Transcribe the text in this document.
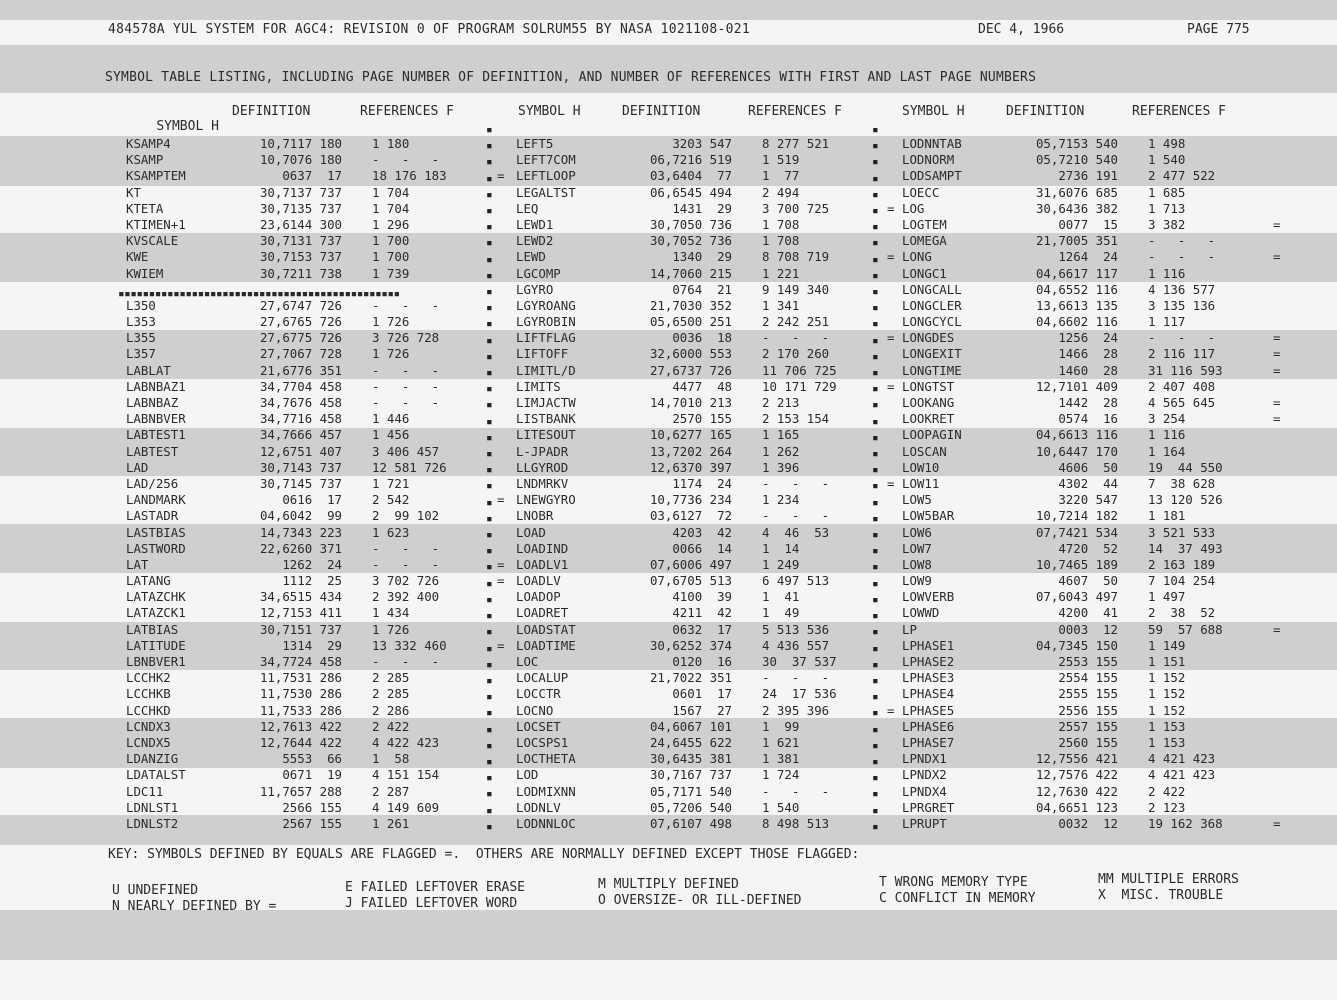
484578A YUL SYSTEM FOR AGC4: REVISION 0 OF PROGRAM SOLRUM55 BY NASA 1021108-021	DEC 4, 1966	PAGE 775
SYMBOL TABLE LISTING, INCLUDING PAGE NUMBER OF DEFINITION, AND NUMBER OF REFERENCES WITH FIRST AND LAST PAGE NUMBERS

SYMBOL H

DEFINITION	REFERENCES F	SYMBOL H	DEFINITION	REFERENCES F	SYMBOL H	DEFINITION	REFERENCES F
▪▪▪▪▪▪▪▪▪▪▪▪▪▪▪▪▪▪▪▪▪▪▪▪▪▪▪▪▪▪▪▪▪▪▪▪▪▪▪▪▪▪▪▪▪▪
KSAMP4	10,7117 180 1 180
KSAMP	10,7076 180 -   -   -
KSAMPTEM	0637  17 18 176 183	=
KT	30,7137 737 1 704
KTETA	30,7135 737 1 704
KTIMEN+1	23,6144 300 1 296
KVSCALE	30,7131 737 1 700
KWE	30,7153 737 1 700
KWIEM	30,7211 738 1 739
L350	27,6747 726 -   -   -
L353	27,6765 726 1 726
L355	27,6775 726 3 726 728
L357	27,7067 728 1 726
LABLAT	21,6776 351 -   -   -
LABNBAZ1	34,7704 458 -   -   -
LABNBAZ	34,7676 458 -   -   -
LABNBVER	34,7716 458 1 446
LABTEST1	34,7666 457 1 456
LABTEST	12,6751 407 3 406 457
LAD	30,7143 737 12 581 726
LAD/256	30,7145 737 1 721
LANDMARK	0616  17 2 542	=
LASTADR	04,6042  99 2  99 102
LASTBIAS	14,7343 223 1 623
LASTWORD	22,6260 371 -   -   -
LAT	1262  24 -   -   -	=
LATANG	1112  25 3 702 726	=
LATAZCHK	34,6515 434 2 392 400
LATAZCK1	12,7153 411 1 434
LATBIAS	30,7151 737 1 726
LATITUDE	1314  29 13 332 460	=
LBNBVER1	34,7724 458 -   -   -
LCCHK2	11,7531 286 2 285
LCCHKB	11,7530 286 2 285
LCCHKD	11,7533 286 2 286
LCNDX3	12,7613 422 2 422
LCNDX5	12,7644 422 4 422 423
LDANZIG	5553  66 1  58
LDATALST	0671  19 4 151 154
LDC11	11,7657 288 2 287
LDNLST1	2566 155 4 149 609
LDNLST2	2567 155 1 261
LEFT5	3203 547 8 277 521
LEFT7COM	06,7216 519 1 519
LEFTLOOP	03,6404  77 1  77
LEGALTST	06,6545 494 2 494
LEQ	1431  29 3 700 725	=
LEWD1	30,7050 736 1 708
LEWD2	30,7052 736 1 708
LEWD	1340  29 8 708 719	=
LGCOMP	14,7060 215 1 221
LGYRO	0764  21 9 149 340
LGYROANG	21,7030 352 1 341
LGYROBIN	05,6500 251 2 242 251
LIFTFLAG	0036  18 -   -   -	=
LIFTOFF	32,6000 553 2 170 260
LIMITL/D	27,6737 726 11 706 725
LIMITS	4477  48 10 171 729	=
LIMJACTW	14,7010 213 2 213
LISTBANK	2570 155 2 153 154
LITESOUT	10,6277 165 1 165
L-JPADR	13,7202 264 1 262
LLGYROD	12,6370 397 1 396
LNDMRKV	1174  24 -   -   -	=
LNEWGYRO	10,7736 234 1 234
LNOBR	03,6127  72 -   -   -
LOAD	4203  42 4  46  53
LOADIND	0066  14 1  14
LOADLV1	07,6006 497 1 249
LOADLV	07,6705 513 6 497 513
LOADOP	4100  39 1  41
LOADRET	4211  42 1  49
LOADSTAT	0632  17 5 513 536
LOADTIME	30,6252 374 4 436 557
LOC	0120  16 30  37 537
LOCALUP	21,7022 351 -   -   -
LOCCTR	0601  17 24  17 536
LOCNO	1567  27 2 395 396	=
LOCSET	04,6067 101 1  99
LOCSPS1	24,6455 622 1 621
LOCTHETA	30,6435 381 1 381
LOD	30,7167 737 1 724
LODMIXNN	05,7171 540 -   -   -
LODNLV	05,7206 540 1 540
LODNNLOC	07,6107 498 8 498 513
LODNNTAB	05,7153 540 1 498
LODNORM	05,7210 540 1 540
LODSAMPT	2736 191 2 477 522
LOECC	31,6076 685 1 685
LOG	30,6436 382 1 713
LOGTEM	0077  15 3 382	=
LOMEGA	21,7005 351 -   -   -
LONG	1264  24 -   -   -	=
LONGC1	04,6617 117 1 116
LONGCALL	04,6552 116 4 136 577
LONGCLER	13,6613 135 3 135 136
LONGCYCL	04,6602 116 1 117
LONGDES	1256  24 -   -   -	=
LONGEXIT	1466  28 2 116 117	=
LONGTIME	1460  28 31 116 593	=
LONGTST	12,7101 409 2 407 408
LOOKANG	1442  28 4 565 645	=
LOOKRET	0574  16 3 254	=
LOOPAGIN	04,6613 116 1 116
LOSCAN	10,6447 170 1 164
LOW10	4606  50 19  44 550
LOW11	4302  44 7  38 628
LOW5	3220 547 13 120 526
LOW5BAR	10,7214 182 1 181
LOW6	07,7421 534 3 521 533
LOW7	4720  52 14  37 493
LOW8	10,7465 189 2 163 189
LOW9	4607  50 7 104 254
LOWVERB	07,6043 497 1 497
LOWWD	4200  41 2  38  52
LP	0003  12 59  57 688	=
LPHASE1	04,7345 150 1 149
LPHASE2	2553 155 1 151
LPHASE3	2554 155 1 152
LPHASE4	2555 155 1 152
LPHASE5	2556 155 1 152
LPHASE6	2557 155 1 153
LPHASE7	2560 155 1 153
LPNDX1	12,7556 421 4 421 423
LPNDX2	12,7576 422 4 421 423
LPNDX4	12,7630 422 2 422
LPRGRET	04,6651 123 2 123
LPRUPT	0032  12 19 162 368	=
▪
▪
▪
▪
▪
▪
▪
▪
▪
▪
▪
▪
▪
▪
▪
▪
▪
▪
▪
▪
▪
▪
▪
▪
▪
▪
▪
▪
▪
▪
▪
▪
▪
▪
▪
▪
▪
▪
▪
▪
▪
▪
▪
▪
▪
▪
▪
▪
▪
▪
▪
▪
▪
▪
▪
▪
▪
▪
▪
▪
▪
▪
▪
▪
▪
▪
▪
▪
▪
▪
▪
▪
▪
▪
▪
▪
▪
▪
▪
▪
▪
▪
▪
▪
▪
▪
▪
▪
KEY: SYMBOLS DEFINED BY EQUALS ARE FLAGGED =.  OTHERS ARE NORMALLY DEFINED EXCEPT THOSE FLAGGED:
U UNDEFINED
N NEARLY DEFINED BY =
E FAILED LEFTOVER ERASE
J FAILED LEFTOVER WORD
M MULTIPLY DEFINED
O OVERSIZE- OR ILL-DEFINED
T WRONG MEMORY TYPE
C CONFLICT IN MEMORY
MM MULTIPLE ERRORS
X  MISC. TROUBLE
